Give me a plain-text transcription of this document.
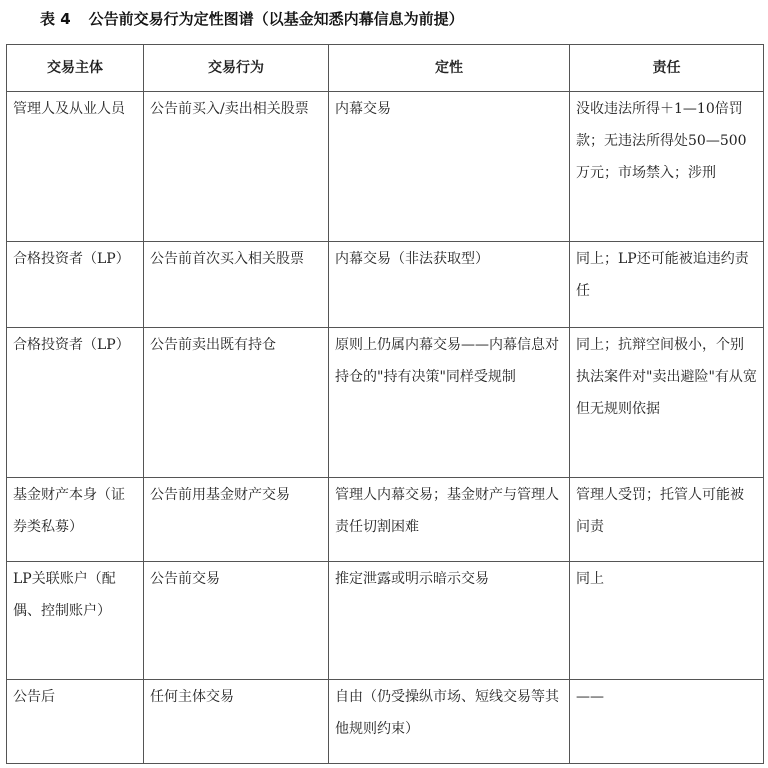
表 4 公告前交易行为定性图谱（以基金知悉内幕信息为前提）
交易主体	交易行为	定性	责任
管理人及从业人员	公告前买入/卖出相关股票	内幕交易	没收违法所得＋1—10倍罚款；无违法所得处50—500万元；市场禁入；涉刑
合格投资者（LP）	公告前首次买入相关股票	内幕交易（非法获取型）	同上；LP还可能被追违约责任
合格投资者（LP）	公告前卖出既有持仓	原则上仍属内幕交易——内幕信息对持仓的"持有决策"同样受规制	同上；抗辩空间极小，个别执法案件对"卖出避险"有从宽但无规则依据
基金财产本身（证券类私募）	公告前用基金财产交易	管理人内幕交易；基金财产与管理人责任切割困难	管理人受罚；托管人可能被问责
LP关联账户（配偶、控制账户）	公告前交易	推定泄露或明示暗示交易	同上
公告后	任何主体交易	自由（仍受操纵市场、短线交易等其他规则约束）	——
